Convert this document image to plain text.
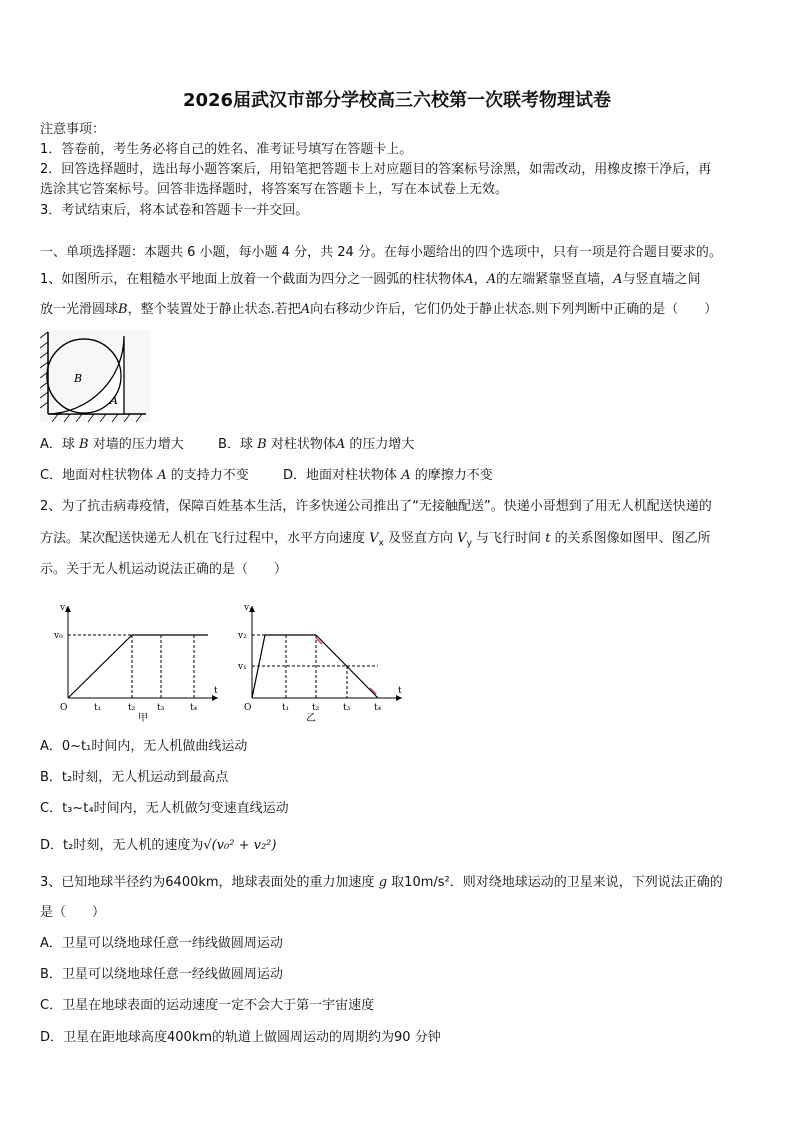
2026届武汉市部分学校高三六校第一次联考物理试卷
注意事项：
1．答卷前，考生务必将自己的姓名、准考证号填写在答题卡上。
2．回答选择题时，选出每小题答案后，用铅笔把答题卡上对应题目的答案标号涂黑，如需改动，用橡皮擦干净后，再
选涂其它答案标号。回答非选择题时，将答案写在答题卡上，写在本试卷上无效。
3．考试结束后，将本试卷和答题卡一并交回。
一、单项选择题：本题共 6 小题，每小题 4 分，共 24 分。在每小题给出的四个选项中，只有一项是符合题目要求的。
1、如图所示，在粗糙水平地面上放着一个截面为四分之一圆弧的柱状物体A，A的左端紧靠竖直墙，A与竖直墙之间
放一光滑圆球B，整个装置处于静止状态.若把A向右移动少许后，它们仍处于静止状态.则下列判断中正确的是（　　）
B
A
A．球 B 对墙的压力增大	B．球 B 对柱状物体A 的压力增大
C．地面对柱状物体 A 的支持力不变	D．地面对柱状物体 A 的摩擦力不变
2、为了抗击病毒疫情，保障百姓基本生活，许多快递公司推出了“无接触配送”。快递小哥想到了用无人机配送快递的
方法。某次配送快递无人机在飞行过程中，水平方向速度 $V_x$ 及竖直方向 $V_y$ 与飞行时间 t 的关系图像如图甲、图乙所
示。关于无人机运动说法正确的是（　　）
vₓ
v₀
t
O	t₁	t₂ t₃	t₄
甲
vᵧ
v₂
v₁
t
O	t₁	t₂	t₃	t₄
乙
A．0~t₁时间内，无人机做曲线运动
B．t₂时刻，无人机运动到最高点
C．t₃~t₄时间内，无人机做匀变速直线运动
D．t₂时刻，无人机的速度为√(v₀² + v₂²)
3、已知地球半径约为6400km，地球表面处的重力加速度 g 取10m/s²．则对绕地球运动的卫星来说，下列说法正确的
是（　　）
A．卫星可以绕地球任意一纬线做圆周运动
B．卫星可以绕地球任意一经线做圆周运动
C．卫星在地球表面的运动速度一定不会大于第一宇宙速度
D．卫星在距地球高度400km的轨道上做圆周运动的周期约为90 分钟
